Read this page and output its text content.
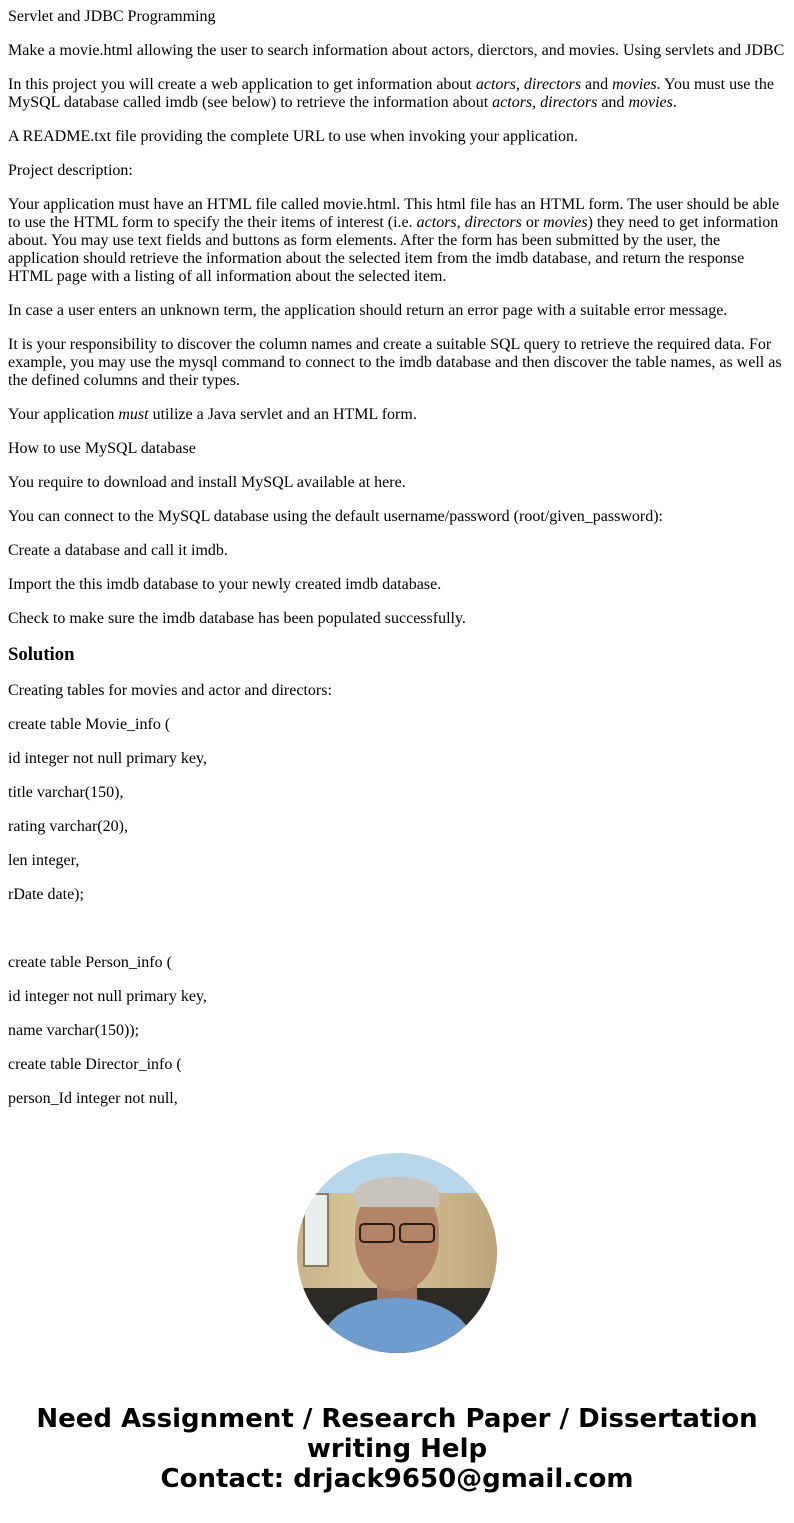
Servlet and JDBC Programming

Make a movie.html allowing the user to search information about actors, dierctors, and movies. Using servlets and JDBC

In this project you will create a web application to get information about actors, directors and movies. You must use the MySQL database called imdb (see below) to retrieve the information about actors, directors and movies.

A README.txt file providing the complete URL to use when invoking your application.

Project description:

Your application must have an HTML file called movie.html. This html file has an HTML form. The user should be able to use the HTML form to specify the their items of interest (i.e. actors, directors or movies) they need to get information about. You may use text fields and buttons as form elements. After the form has been submitted by the user, the application should retrieve the information about the selected item from the imdb database, and return the response HTML page with a listing of all information about the selected item.

In case a user enters an unknown term, the application should return an error page with a suitable error message.

It is your responsibility to discover the column names and create a suitable SQL query to retrieve the required data. For example, you may use the mysql command to connect to the imdb database and then discover the table names, as well as the defined columns and their types.

Your application must utilize a Java servlet and an HTML form.

How to use MySQL database

You require to download and install MySQL available at here.

You can connect to the MySQL database using the default username/password (root/given_password):

Create a database and call it imdb.

Import the this imdb database to your newly created imdb database.

Check to make sure the imdb database has been populated successfully.

Solution

Creating tables for movies and actor and directors:

create table Movie_info (

id integer not null primary key,

title varchar(150),

rating varchar(20),

len integer,

rDate date);

create table Person_info (

id integer not null primary key,

name varchar(150));

create table Director_info (

person_Id integer not null,

Need Assignment / Research Paper / Dissertation writing Help
Contact: drjack9650@gmail.com
